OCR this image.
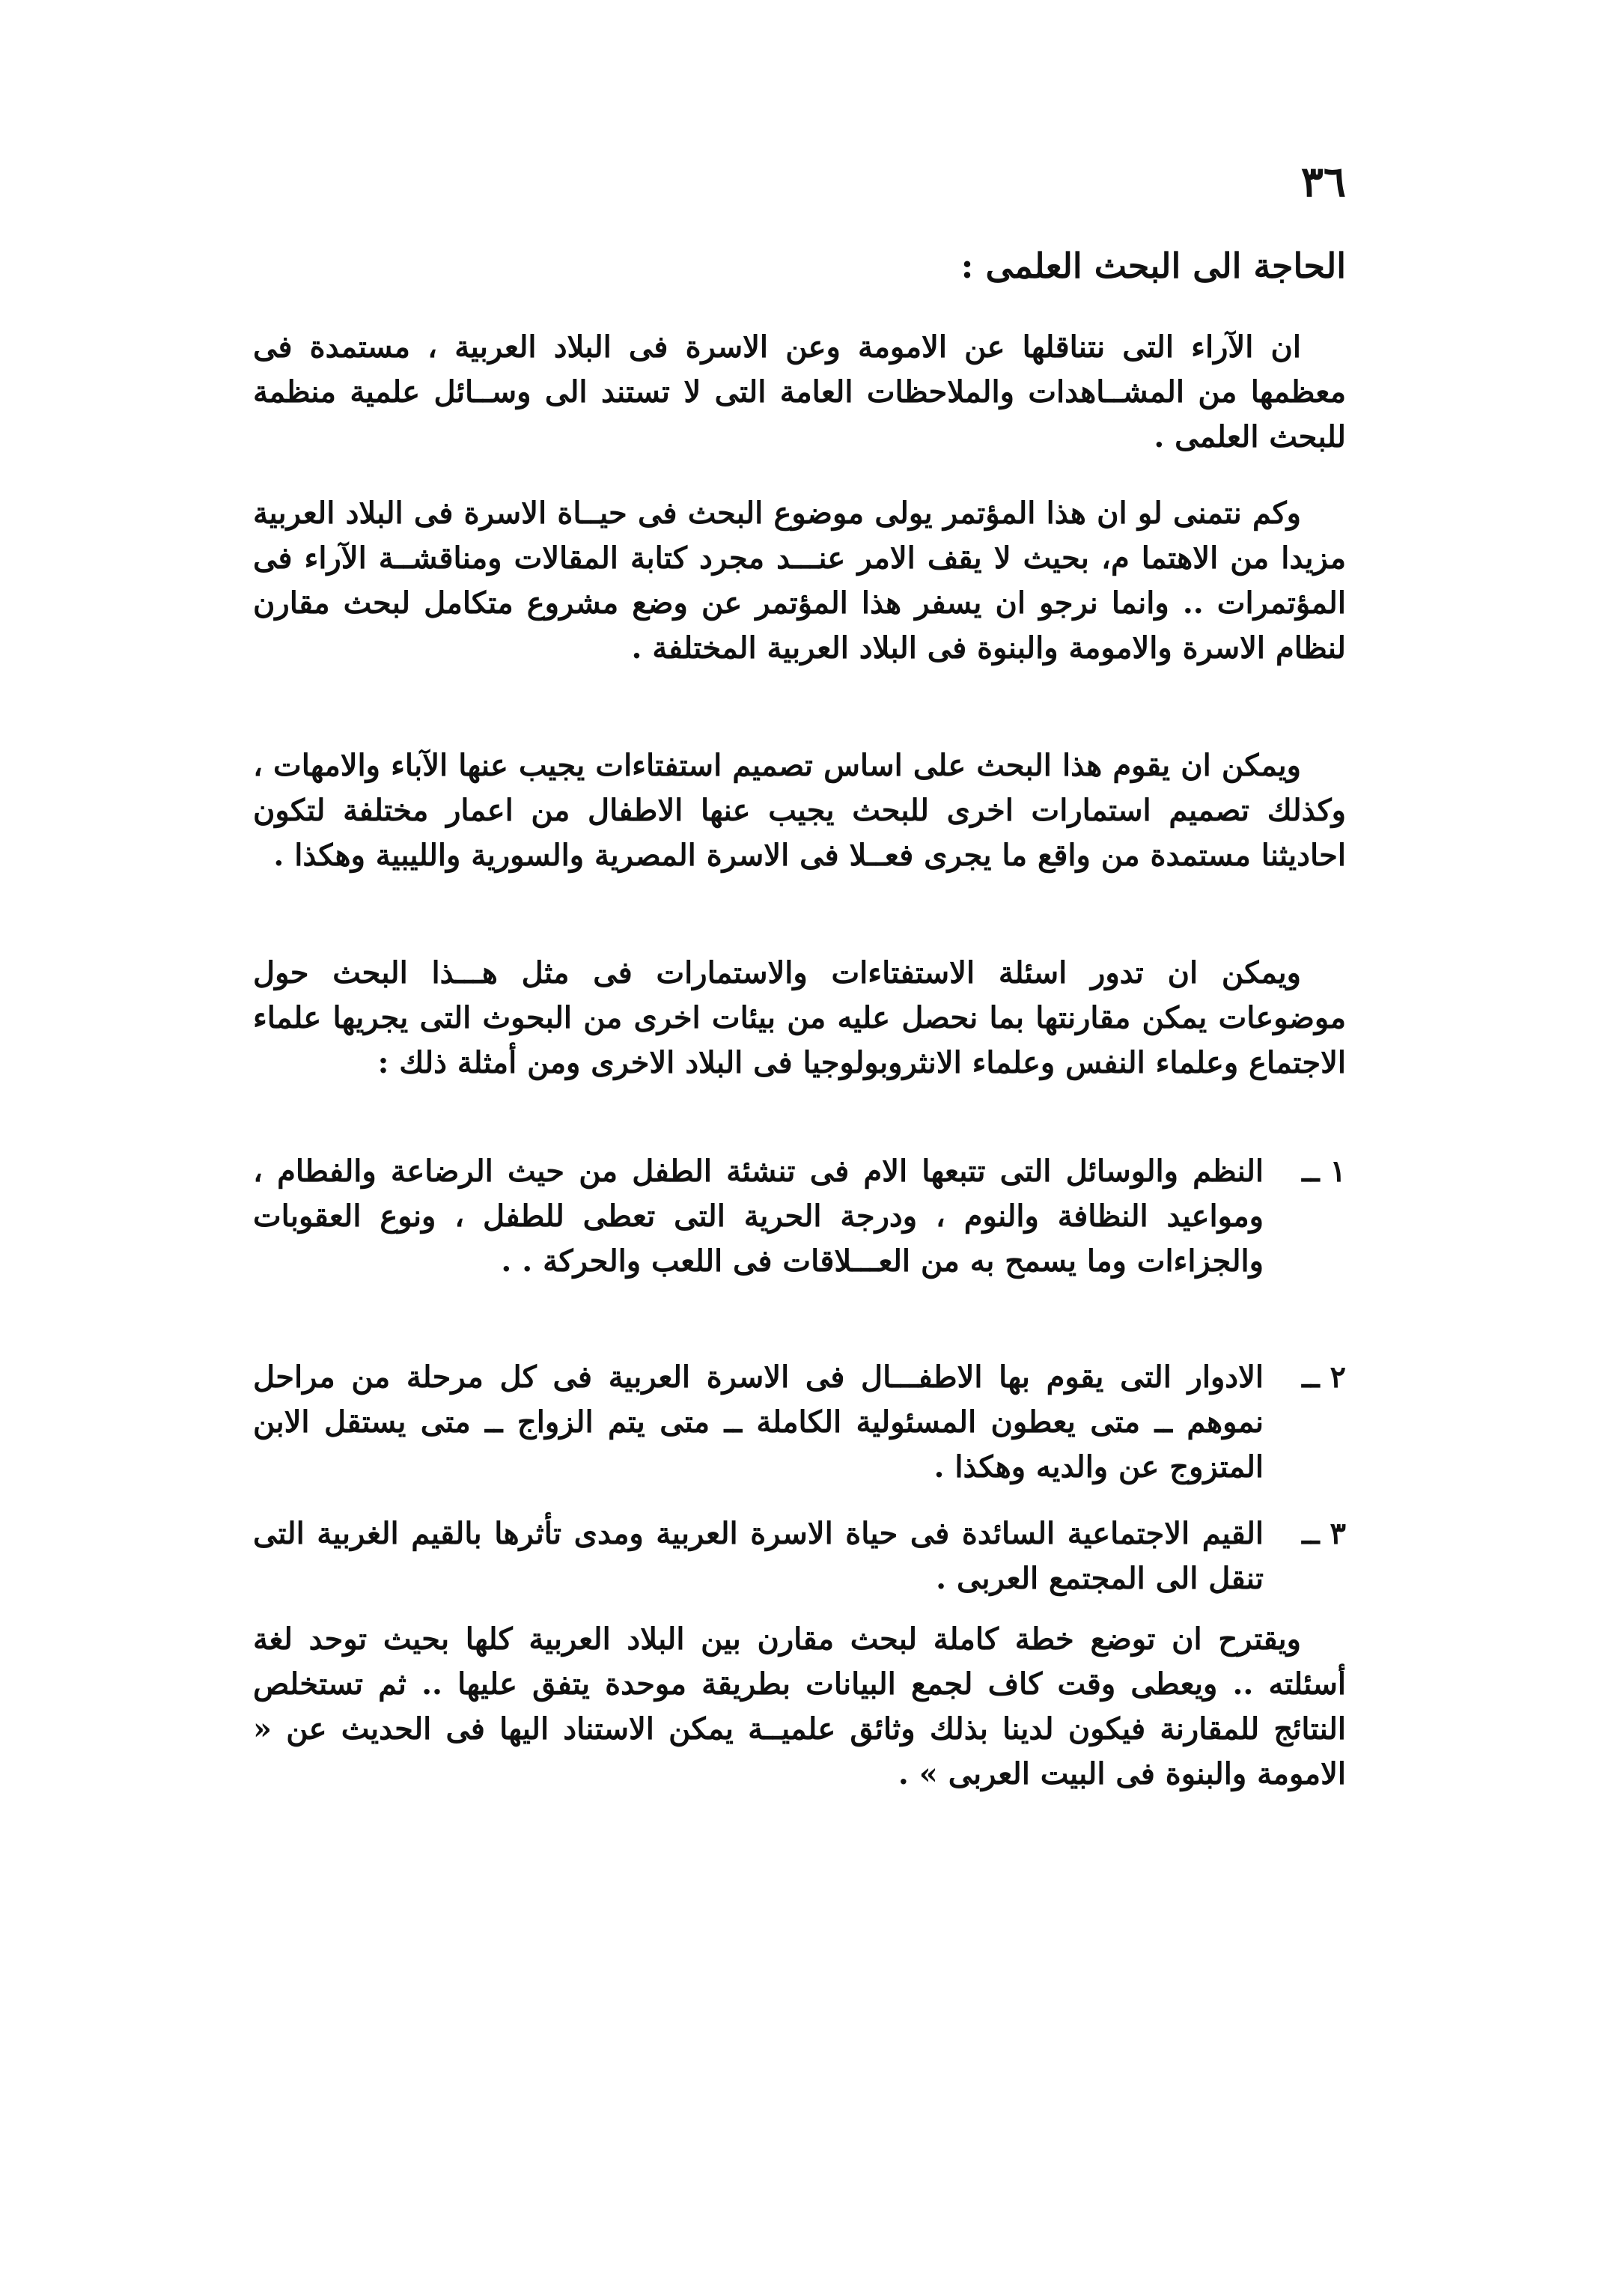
٣٦
الحاجة الى البحث العلمى :

ان الآراء التى نتناقلها عن الامومة وعن الاسرة فى البلاد العربية ، مستمدة فى معظمها من المشــاهدات والملاحظات العامة التى لا تستند الى وســائل علمية منظمة للبحث العلمى .

وكم نتمنى لو ان هذا المؤتمر يولى موضوع البحث فى حيــاة الاسرة فى البلاد العربية مزيدا من الاهتما م، بحيث لا يقف الامر عنـــد مجرد كتابة المقالات ومناقشــة الآراء فى المؤتمرات .. وانما نرجو ان يسفر هذا المؤتمر عن وضع مشروع متكامل لبحث مقارن لنظام الاسرة والامومة والبنوة فى البلاد العربية المختلفة .

ويمكن ان يقوم هذا البحث على اساس تصميم استفتاءات يجيب عنها الآباء والامهات ، وكذلك تصميم استمارات اخرى للبحث يجيب عنها الاطفال من اعمار مختلفة لتكون احاديثنا مستمدة من واقع ما يجرى فعــلا فى الاسرة المصرية والسورية والليبية وهكذا .

ويمكن ان تدور اسئلة الاستفتاءات والاستمارات فى مثل هـــذا البحث حول موضوعات يمكن مقارنتها بما نحصل عليه من بيئات اخرى من البحوث التى يجريها علماء الاجتماع وعلماء النفس وعلماء الانثروبولوجيا فى البلاد الاخرى ومن أمثلة ذلك :

١ ــ
النظم والوسائل التى تتبعها الام فى تنشئة الطفل من حيث الرضاعة والفطام ، ومواعيد النظافة والنوم ، ودرجة الحرية التى تعطى للطفل ، ونوع العقوبات والجزاءات وما يسمح به من العـــلاقات فى اللعب والحركة . .
٢ ــ
الادوار التى يقوم بها الاطفـــال فى الاسرة العربية فى كل مرحلة من مراحل نموهم ــ متى يعطون المسئولية الكاملة ــ متى يتم الزواج ــ متى يستقل الابن المتزوج عن والديه وهكذا .
٣ ــ
القيم الاجتماعية السائدة فى حياة الاسرة العربية ومدى تأثرها بالقيم الغربية التى تنقل الى المجتمع العربى .

ويقترح ان توضع خطة كاملة لبحث مقارن بين البلاد العربية كلها بحيث توحد لغة أسئلته .. ويعطى وقت كاف لجمع البيانات بطريقة موحدة يتفق عليها .. ثم تستخلص النتائج للمقارنة فيكون لدينا بذلك وثائق علميــة يمكن الاستناد اليها فى الحديث عن « الامومة والبنوة فى البيت العربى » .
